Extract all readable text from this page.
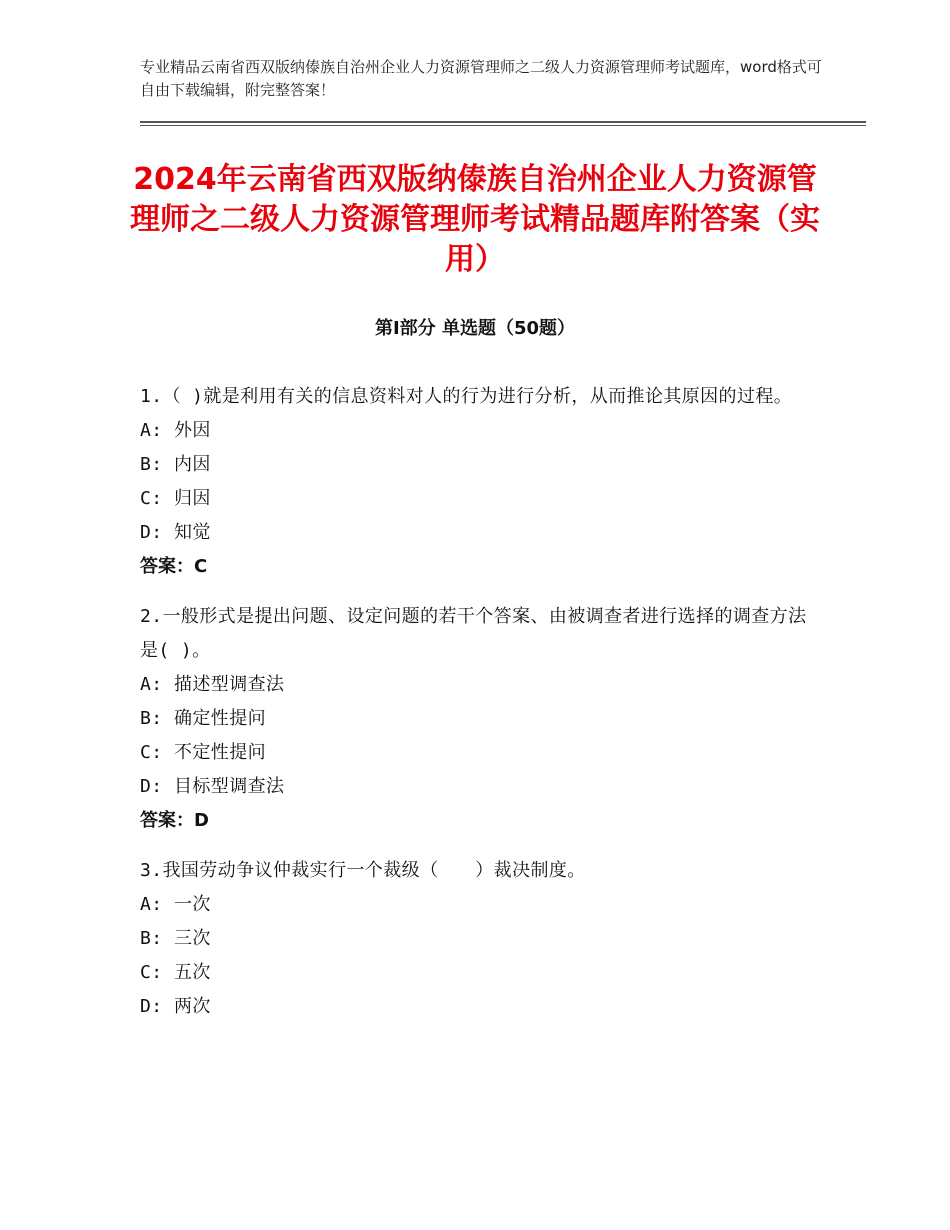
专业精品云南省西双版纳傣族自治州企业人力资源管理师之二级人力资源管理师考试题库，word格式可自由下载编辑，附完整答案！
2024年云南省西双版纳傣族自治州企业人力资源管理师之二级人力资源管理师考试精品题库附答案（实用）
第Ⅰ部分 单选题（50题）

1.（ )就是利用有关的信息资料对人的行为进行分析，从而推论其原因的过程。

A: 外因

B: 内因

C: 归因

D: 知觉

答案：C

2.一般形式是提出问题、设定问题的若干个答案、由被调查者进行选择的调查方法是( )。

A: 描述型调查法

B: 确定性提问

C: 不定性提问

D: 目标型调查法

答案：D

3.我国劳动争议仲裁实行一个裁级（　　）裁决制度。

A: 一次

B: 三次

C: 五次

D: 两次
